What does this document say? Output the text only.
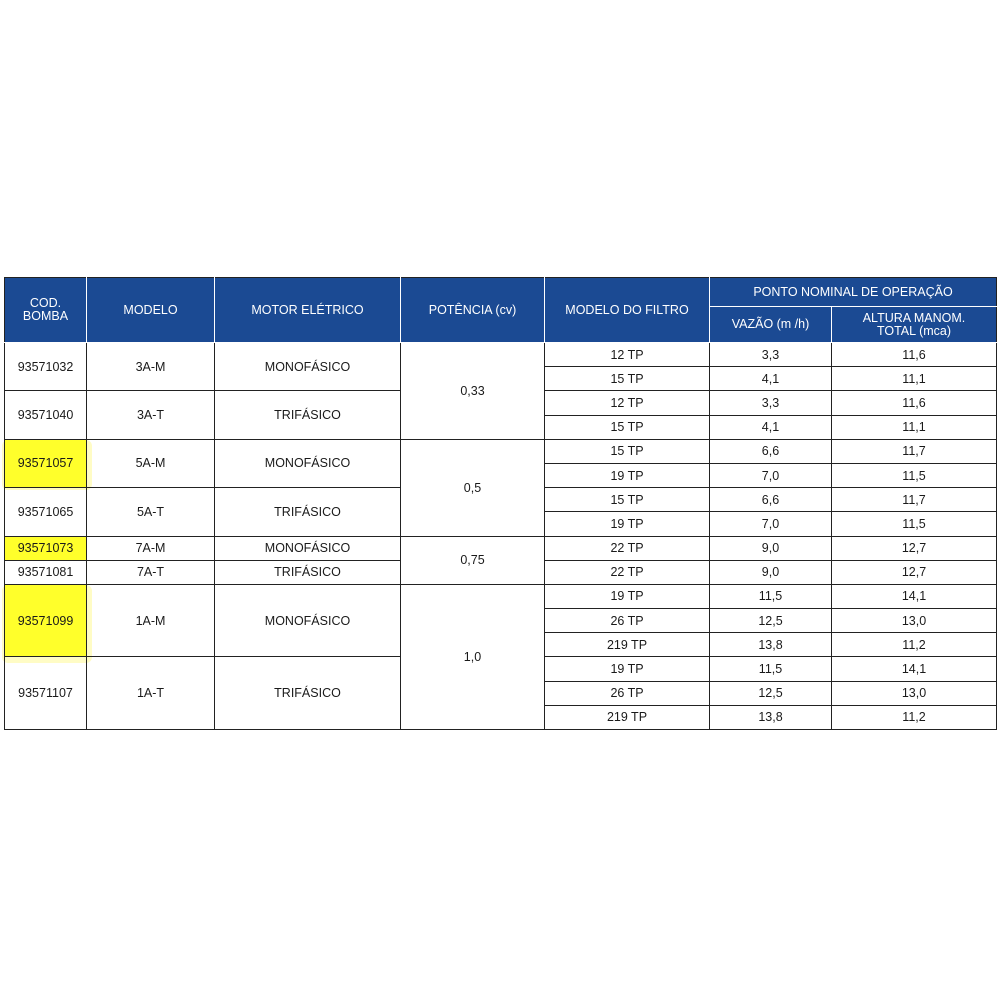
COD. BOMBA	MODELO	MOTOR ELÉTRICO	POTÊNCIA (cv)	MODELO DO FILTRO	PONTO NOMINAL DE OPERAÇÃO	
					VAZÃO (m /h)	ALTURA MANOM. TOTAL (mca)
93571032	3A-M	MONOFÁSICO	0,33	12 TP	3,3	11,6
				15 TP	4,1	11,1
93571040	3A-T	TRIFÁSICO		12 TP	3,3	11,6
				15 TP	4,1	11,1
93571057	5A-M	MONOFÁSICO	0,5	15 TP	6,6	11,7
				19 TP	7,0	11,5
93571065	5A-T	TRIFÁSICO		15 TP	6,6	11,7
				19 TP	7,0	11,5
93571073	7A-M	MONOFÁSICO	0,75	22 TP	9,0	12,7
93571081	7A-T	TRIFÁSICO		22 TP	9,0	12,7
93571099	1A-M	MONOFÁSICO	1,0	19 TP	11,5	14,1
				26 TP	12,5	13,0
				219 TP	13,8	11,2
93571107	1A-T	TRIFÁSICO		19 TP	11,5	14,1
				26 TP	12,5	13,0
				219 TP	13,8	11,2
